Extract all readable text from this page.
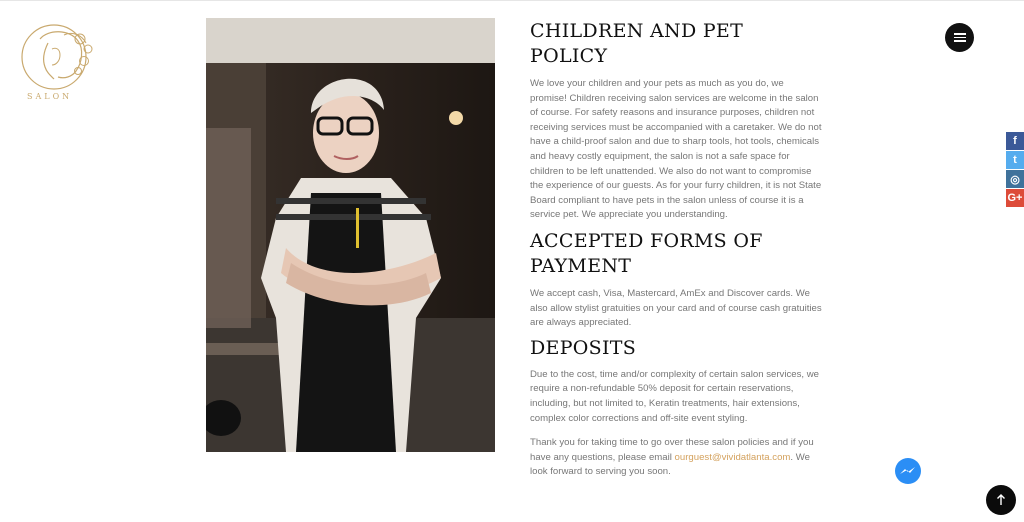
SALON
CHILDREN AND PET POLICY

We love your children and your pets as much as you do, we promise! Children receiving salon services are welcome in the salon of course. For safety reasons and insurance purposes, children not receiving services must be accompanied with a caretaker. We do not have a child-proof salon and due to sharp tools, hot tools, chemicals and heavy costly equipment, the salon is not a safe space for children to be left unattended. We also do not want to compromise the experience of our guests. As for your furry children, it is not State Board compliant to have pets in the salon unless of course it is a service pet. We appreciate you understanding.

ACCEPTED FORMS OF PAYMENT

We accept cash, Visa, Mastercard, AmEx and Discover cards. We also allow stylist gratuities on your card and of course cash gratuities are always appreciated.

DEPOSITS

Due to the cost, time and/or complexity of certain salon services, we require a non-refundable 50% deposit for certain reservations, including, but not limited to, Keratin treatments, hair extensions, complex color corrections and off-site event styling.

Thank you for taking time to go over these salon policies and if you have any questions, please email ourguest@vividatlanta.com. We look forward to serving you soon.

f
t
◎
G+
